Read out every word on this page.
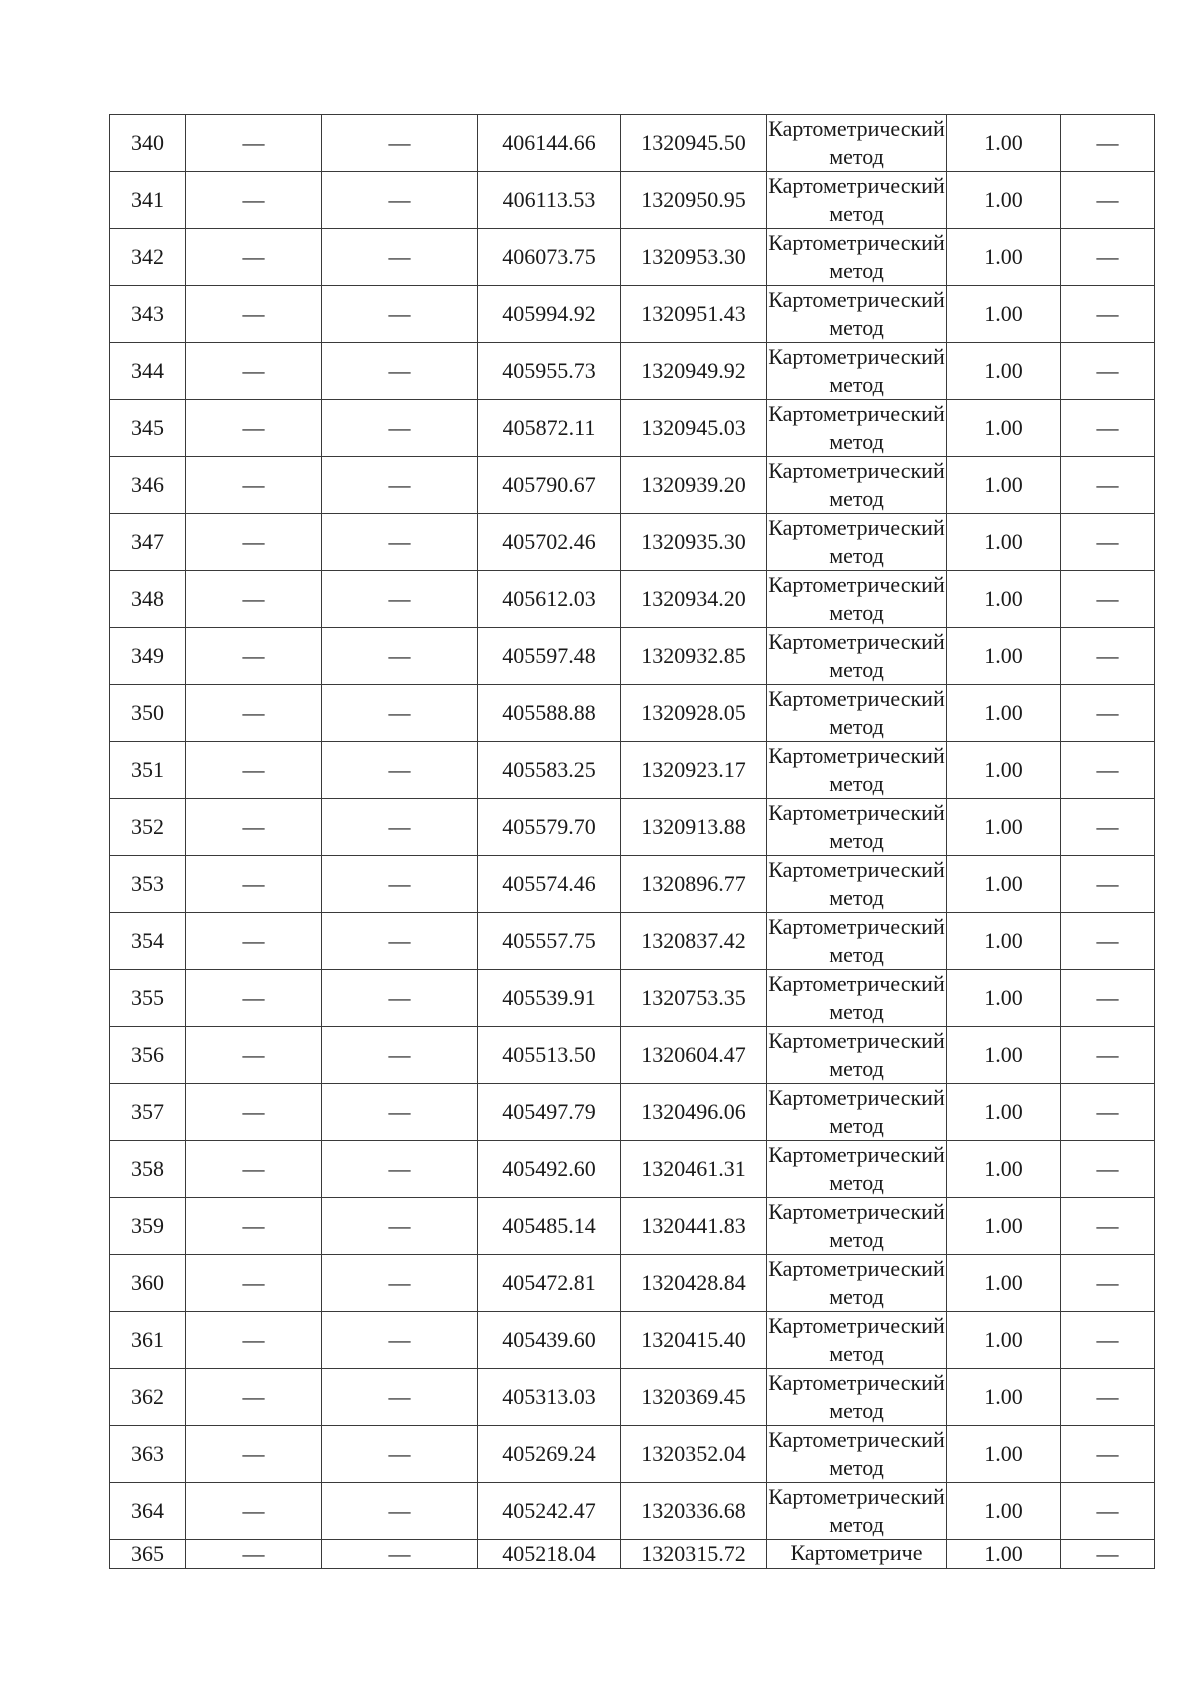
340	—	—	406144.66	1320945.50	Картометрический метод	1.00	—
341	—	—	406113.53	1320950.95	Картометрический метод	1.00	—
342	—	—	406073.75	1320953.30	Картометрический метод	1.00	—
343	—	—	405994.92	1320951.43	Картометрический метод	1.00	—
344	—	—	405955.73	1320949.92	Картометрический метод	1.00	—
345	—	—	405872.11	1320945.03	Картометрический метод	1.00	—
346	—	—	405790.67	1320939.20	Картометрический метод	1.00	—
347	—	—	405702.46	1320935.30	Картометрический метод	1.00	—
348	—	—	405612.03	1320934.20	Картометрический метод	1.00	—
349	—	—	405597.48	1320932.85	Картометрический метод	1.00	—
350	—	—	405588.88	1320928.05	Картометрический метод	1.00	—
351	—	—	405583.25	1320923.17	Картометрический метод	1.00	—
352	—	—	405579.70	1320913.88	Картометрический метод	1.00	—
353	—	—	405574.46	1320896.77	Картометрический метод	1.00	—
354	—	—	405557.75	1320837.42	Картометрический метод	1.00	—
355	—	—	405539.91	1320753.35	Картометрический метод	1.00	—
356	—	—	405513.50	1320604.47	Картометрический метод	1.00	—
357	—	—	405497.79	1320496.06	Картометрический метод	1.00	—
358	—	—	405492.60	1320461.31	Картометрический метод	1.00	—
359	—	—	405485.14	1320441.83	Картометрический метод	1.00	—
360	—	—	405472.81	1320428.84	Картометрический метод	1.00	—
361	—	—	405439.60	1320415.40	Картометрический метод	1.00	—
362	—	—	405313.03	1320369.45	Картометрический метод	1.00	—
363	—	—	405269.24	1320352.04	Картометрический метод	1.00	—
364	—	—	405242.47	1320336.68	Картометрический метод	1.00	—
365	—	—	405218.04	1320315.72	Картометриче	1.00	—
